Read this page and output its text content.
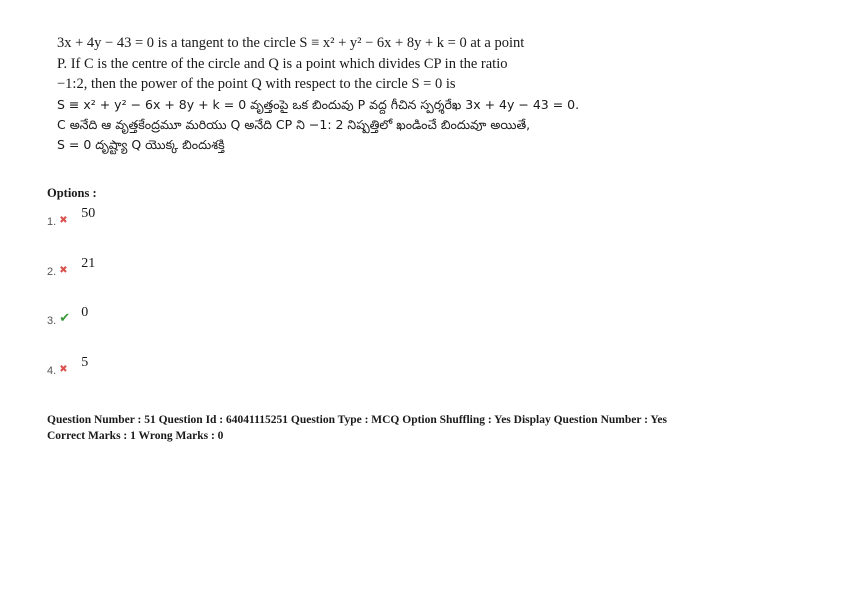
3x + 4y − 43 = 0 is a tangent to the circle S ≡ x² + y² − 6x + 8y + k = 0 at a point

P. If C is the centre of the circle and Q is a point which divides CP in the ratio

−1:2, then the power of the point Q with respect to the circle S = 0 is

S ≡ x² + y² − 6x + 8y + k = 0 వృత్తంపై ఒక బిందువు P వద్ద గీచిన స్పర్శరేఖ 3x + 4y − 43 = 0.

C అనేది ఆ వృత్తకేంద్రమూ మరియు Q అనేది CP ని −1: 2 నిష్పత్తిలో ఖండించే బిందువూ అయితే,

S = 0 దృష్ట్యా Q యొక్క బిందుశక్తి

Options :
1. ✖ 50
2. ✖ 21
3. ✔ 0
4. ✖ 5

Question Number : 51 Question Id : 64041115251 Question Type : MCQ Option Shuffling : Yes Display Question Number : Yes

Correct Marks : 1 Wrong Marks : 0
